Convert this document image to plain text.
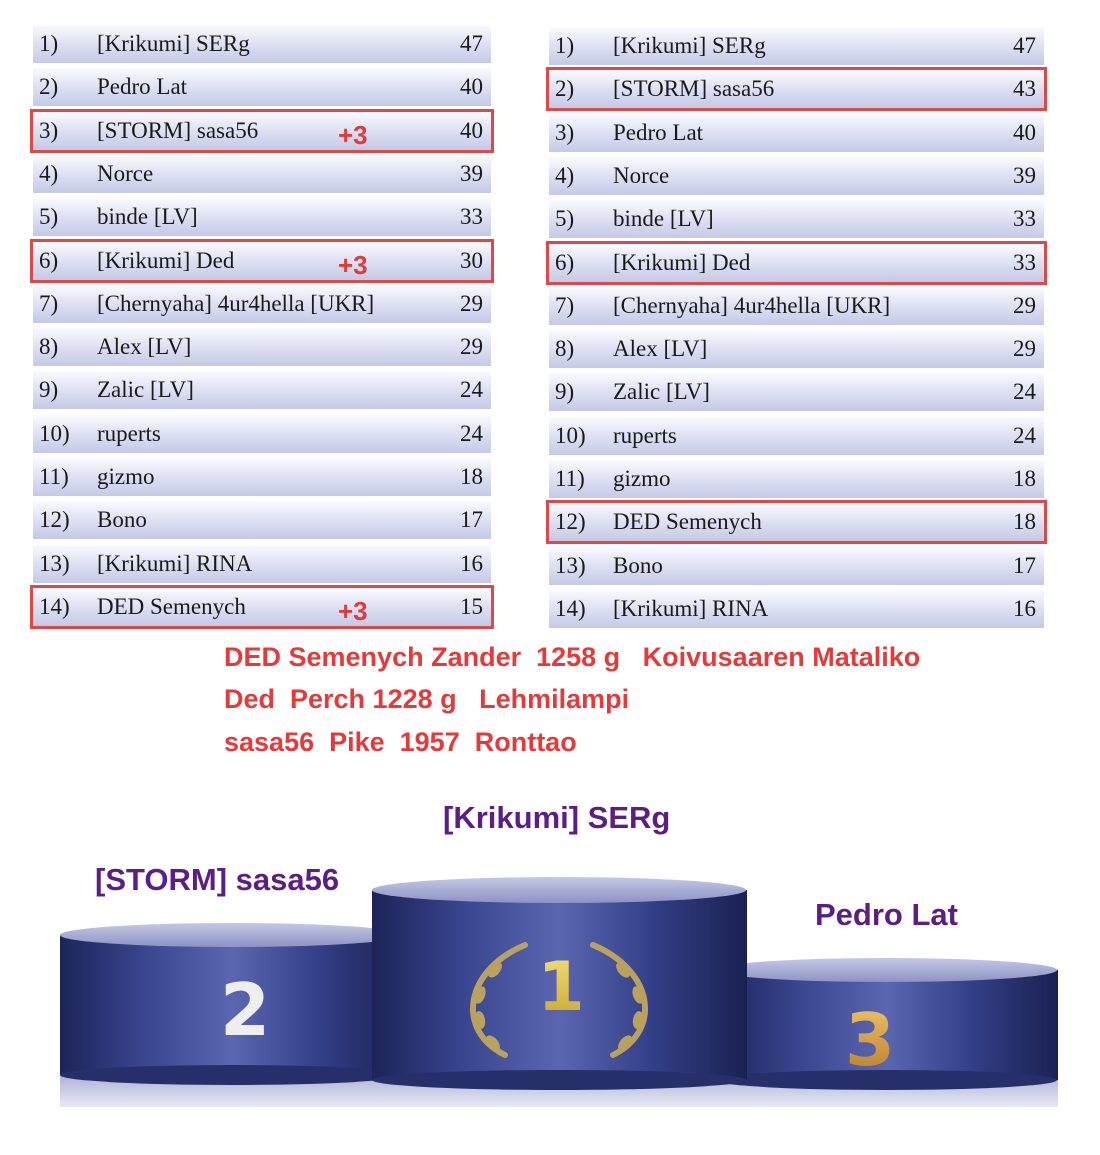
1) [Krikumi] SERg	47
2) Pedro Lat	40
3) [STORM] sasa56	40
+3
4) Norce	39
5) binde [LV]	33
6) [Krikumi] Ded	30
+3
7) [Chernyaha] 4ur4hella [UKR]	29
8) Alex [LV]	29
9) Zalic [LV]	24
10) ruperts	24
11) gizmo	18
12) Bono	17
13) [Krikumi] RINA	16
14) DED Semenych	15
+3
1) [Krikumi] SERg	47
2) [STORM] sasa56	43
3) Pedro Lat	40
4) Norce	39
5) binde [LV]	33
6) [Krikumi] Ded	33
7) [Chernyaha] 4ur4hella [UKR]	29
8) Alex [LV]	29
9) Zalic [LV]	24
10) ruperts	24
11) gizmo	18
12) DED Semenych	18
13) Bono	17
14) [Krikumi] RINA	16
DED Semenych Zander  1258 g   Koivusaaren Mataliko
Ded  Perch 1228 g   Lehmilampi
sasa56  Pike  1957  Ronttao
[Krikumi] SERg
[STORM] sasa56
Pedro Lat
2	3
1
